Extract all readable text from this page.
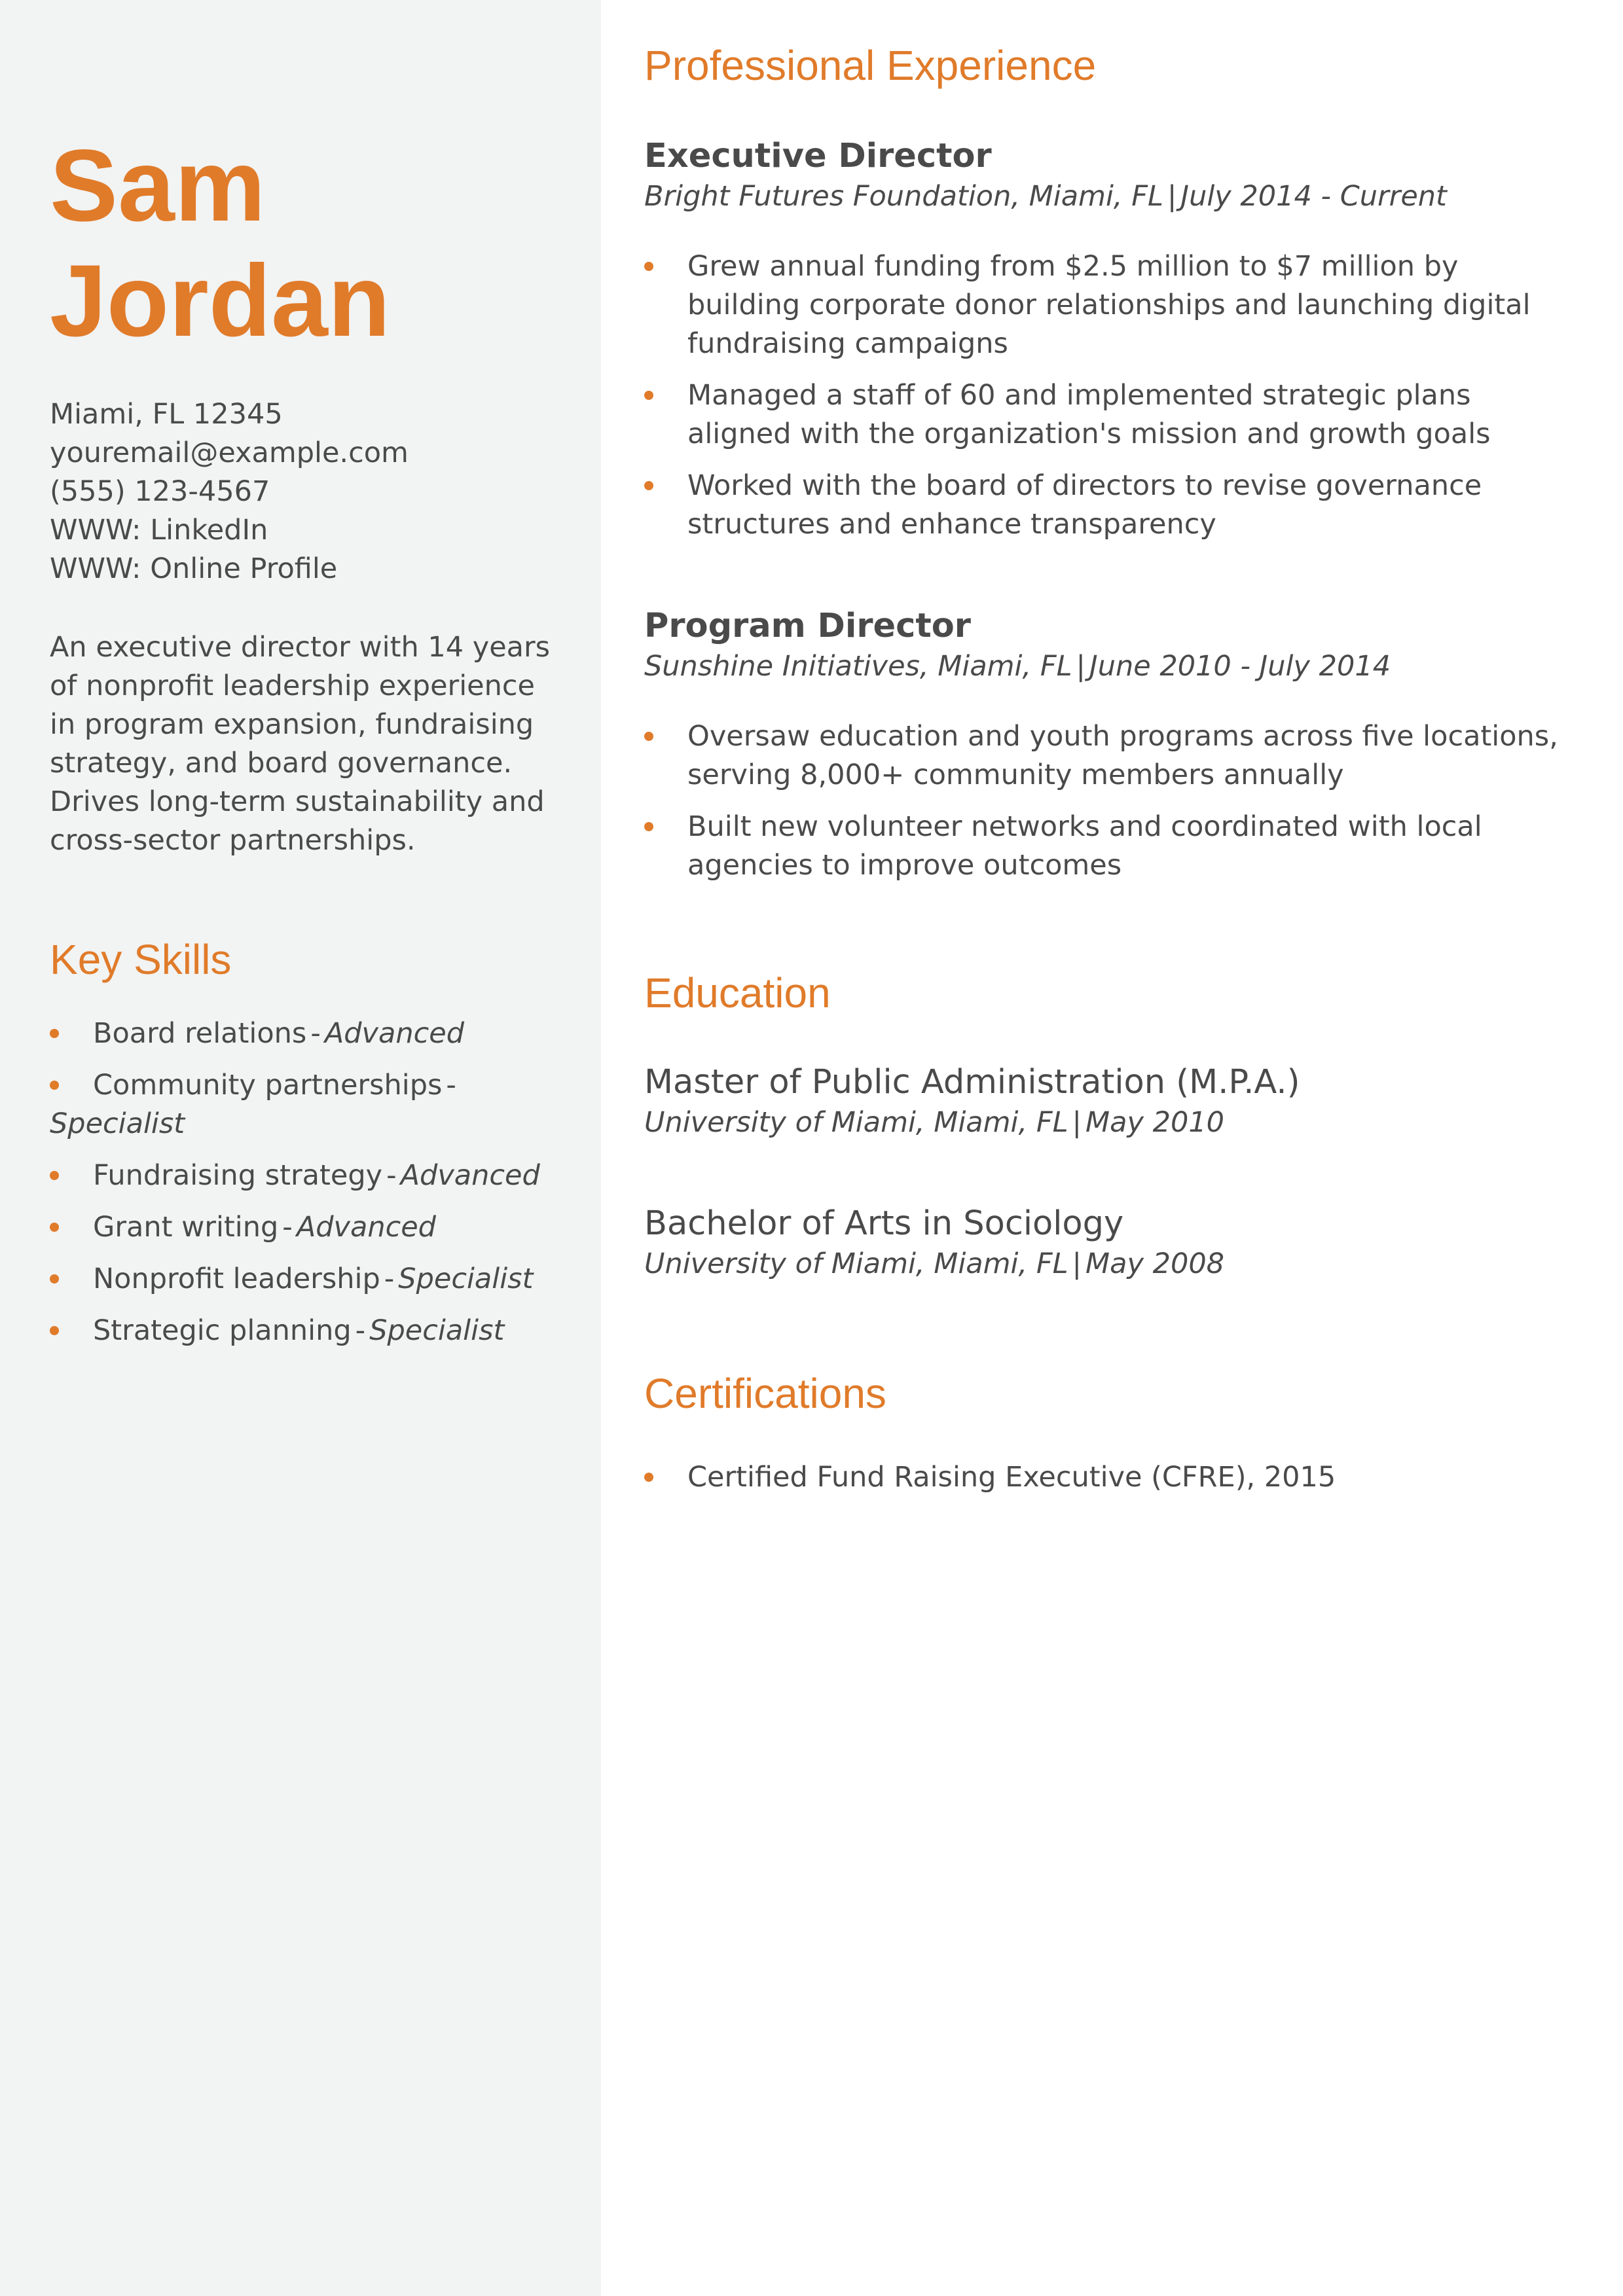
Sam
Jordan
Miami, FL 12345
youremail@example.com
(555) 123-4567
WWW: LinkedIn
WWW: Online Profile
An executive director with 14 years of nonprofit leadership experience in program expansion, fundraising strategy, and board governance. Drives long-term sustainability and cross-sector partnerships.
Key Skills
Board relations - Advanced
Community partnerships -
Specialist
Fundraising strategy - Advanced
Grant writing - Advanced
Nonprofit leadership - Specialist
Strategic planning - Specialist
Professional Experience
Executive Director

Bright Futures Foundation, Miami, FL | July 2014 - Current

Grew annual funding from $2.5 million to $7 million by building corporate donor relationships and launching digital fundraising campaigns
Managed a staff of 60 and implemented strategic plans aligned with the organization's mission and growth goals
Worked with the board of directors to revise governance structures and enhance transparency
Program Director

Sunshine Initiatives, Miami, FL | June 2010 - July 2014

Oversaw education and youth programs across five locations, serving 8,000+ community members annually
Built new volunteer networks and coordinated with local agencies to improve outcomes
Education

Master of Public Administration (M.P.A.)

University of Miami, Miami, FL | May 2010

Bachelor of Arts in Sociology

University of Miami, Miami, FL | May 2008

Certifications
Certified Fund Raising Executive (CFRE), 2015
